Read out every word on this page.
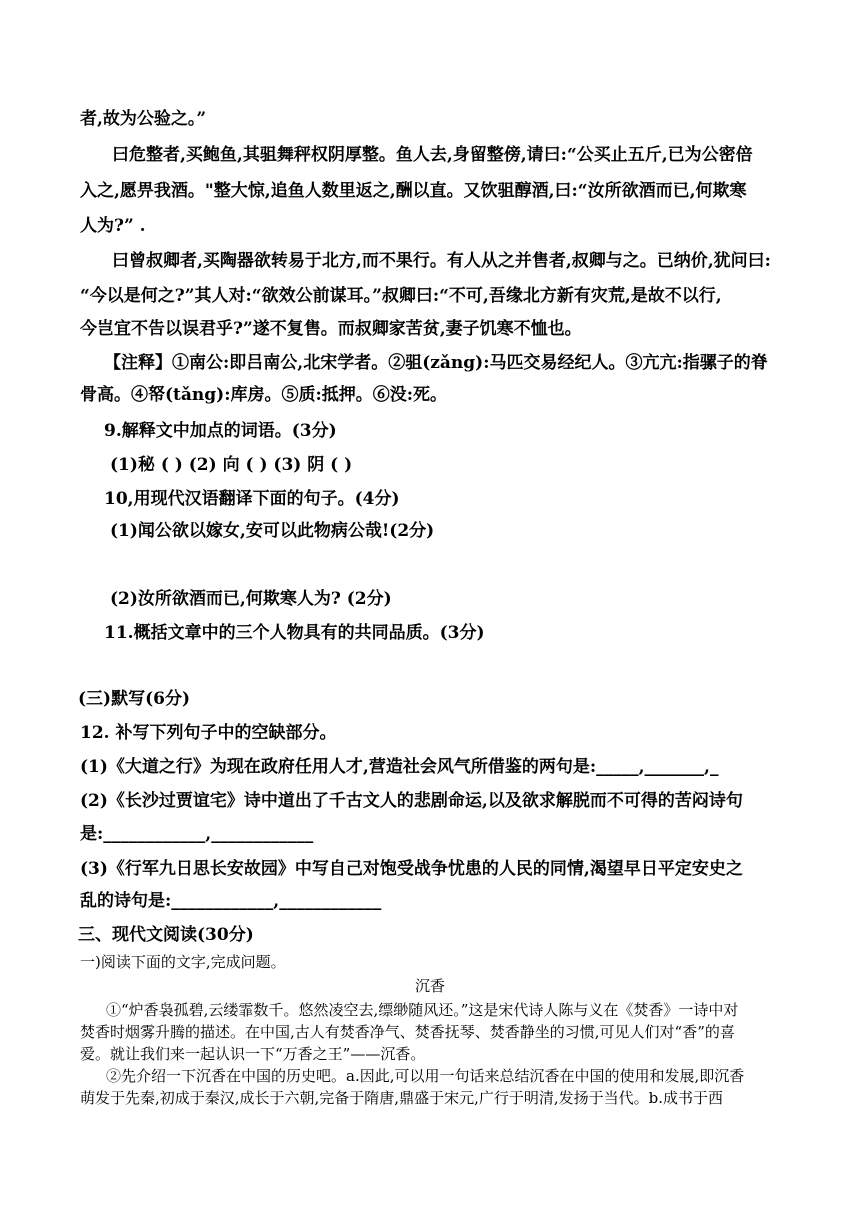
者,故为公验之。”
曰危整者,买鲍鱼,其驵舞秤权阴厚整。鱼人去,身留整傍,请曰:“公买止五斤,已为公密倍
入之,愿畀我酒。"整大惊,追鱼人数里返之,酬以直。又饮驵醇酒,曰:“汝所欲酒而已,何欺寒
人为?” .
曰曾叔卿者,买陶器欲转易于北方,而不果行。有人从之并售者,叔卿与之。已纳价,犹问曰:
“今以是何之?”其人对:“欲效公前谋耳。”叔卿曰:“不可,吾缘北方新有灾荒,是故不以行,
今岂宜不告以误君乎?”遂不复售。而叔卿家苦贫,妻子饥寒不恤也。
【注释】①南公:即吕南公,北宋学者。②驵(zǎng):马匹交易经纪人。③亢亢:指骡子的脊
骨高。④帑(tǎng):库房。⑤质:抵押。⑥没:死。
9.解释文中加点的词语。(3分)
(1)秘 ( ) (2) 向 ( ) (3) 阴 ( )
10,用现代汉语翻译下面的句子。(4分)
(1)闻公欲以嫁女,安可以此物病公哉!(2分)
(2)汝所欲酒而已,何欺寒人为? (2分)
11.概括文章中的三个人物具有的共同品质。(3分)
(三)默写(6分)
12. 补写下列句子中的空缺部分。
(1)《大道之行》为现在政府任用人才,营造社会风气所借鉴的两句是:_____,_______,_
(2)《长沙过贾谊宅》诗中道出了千古文人的悲剧命运,以及欲求解脱而不可得的苦闷诗句
是:____________,____________
(3)《行军九日思长安故园》中写自己对饱受战争忧患的人民的同情,渴望早日平定安史之
乱的诗句是:____________,____________
三、现代文阅读(30分)
一)阅读下面的文字,完成问题。
沉香
①“炉香袅孤碧,云缕霏数千。悠然凌空去,缥缈随风还。”这是宋代诗人陈与义在《焚香》一诗中对
焚香时烟雾升腾的描述。在中国,古人有焚香净气、焚香抚琴、焚香静坐的习惯,可见人们对“香”的喜
爱。就让我们来一起认识一下“万香之王”——沉香。
②先介绍一下沉香在中国的历史吧。a.因此,可以用一句话来总结沉香在中国的使用和发展,即沉香
萌发于先秦,初成于秦汉,成长于六朝,完备于隋唐,鼎盛于宋元,广行于明清,发扬于当代。b.成书于西
